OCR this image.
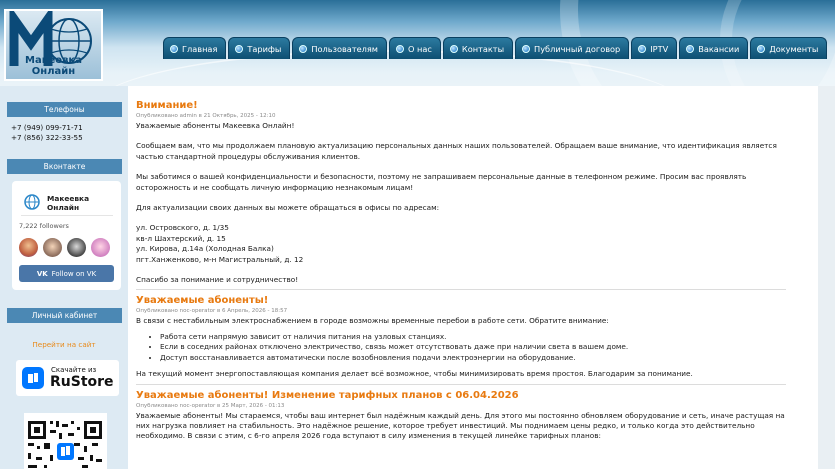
Макеевка Онлайн
Главная	Тарифы	Пользователям	О нас	Контакты	Публичный договор	IPTV	Вакансии	Документы
Телефоны
+7 (949) 099-71-71
+7 (856) 322-33-55
Вконтакте
Макеевка Онлайн
7,222 followers
VK Follow on VK
Личный кабинет
Перейти на сайт
Скачайте из
RuStore
Внимание!
Опубликовано admin в 21 Октябрь, 2025 - 12:10
Уважаемые абоненты Макеевка Онлайн!
Сообщаем вам, что мы продолжаем плановую актуализацию персональных данных наших пользователей. Обращаем ваше внимание, что идентификация является частью стандартной процедуры обслуживания клиентов.
Мы заботимся о вашей конфиденциальности и безопасности, поэтому не запрашиваем персональные данные в телефонном режиме. Просим вас проявлять осторожность и не сообщать личную информацию незнакомым лицам!
Для актуализации своих данных вы можете обращаться в офисы по адресам:
ул. Островского, д. 1/35
кв-л Шахтерский, д. 15
ул. Кирова, д.14а (Холодная Балка)
пгт.Ханженково, м-н Магистральный, д. 12
Спасибо за понимание и сотрудничество!
Уважаемые абоненты!
Опубликовано noc-operator в 6 Апрель, 2026 - 18:57
В связи с нестабильным электроснабжением в городе возможны временные перебои в работе сети. Обратите внимание:
• Работа сети напрямую зависит от наличия питания на узловых станциях.
• Если в соседних районах отключено электричество, связь может отсутствовать даже при наличии света в вашем доме.
• Доступ восстанавливается автоматически после возобновления подачи электроэнергии на оборудование.
На текущий момент энергопоставляющая компания делает всё возможное, чтобы минимизировать время простоя. Благодарим за понимание.
Уважаемые абоненты! Изменение тарифных планов с 06.04.2026
Опубликовано noc-operator в 25 Март, 2026 - 01:13
Уважаемые абоненты! Мы стараемся, чтобы ваш интернет был надёжным каждый день. Для этого мы постоянно обновляем оборудование и сеть, иначе растущая на них нагрузка повлияет на стабильность. Это надёжное решение, которое требует инвестиций. Мы поднимаем цены редко, и только когда это действительно необходимо. В связи с этим, с 6-го апреля 2026 года вступают в силу изменения в текущей линейке тарифных планов:
